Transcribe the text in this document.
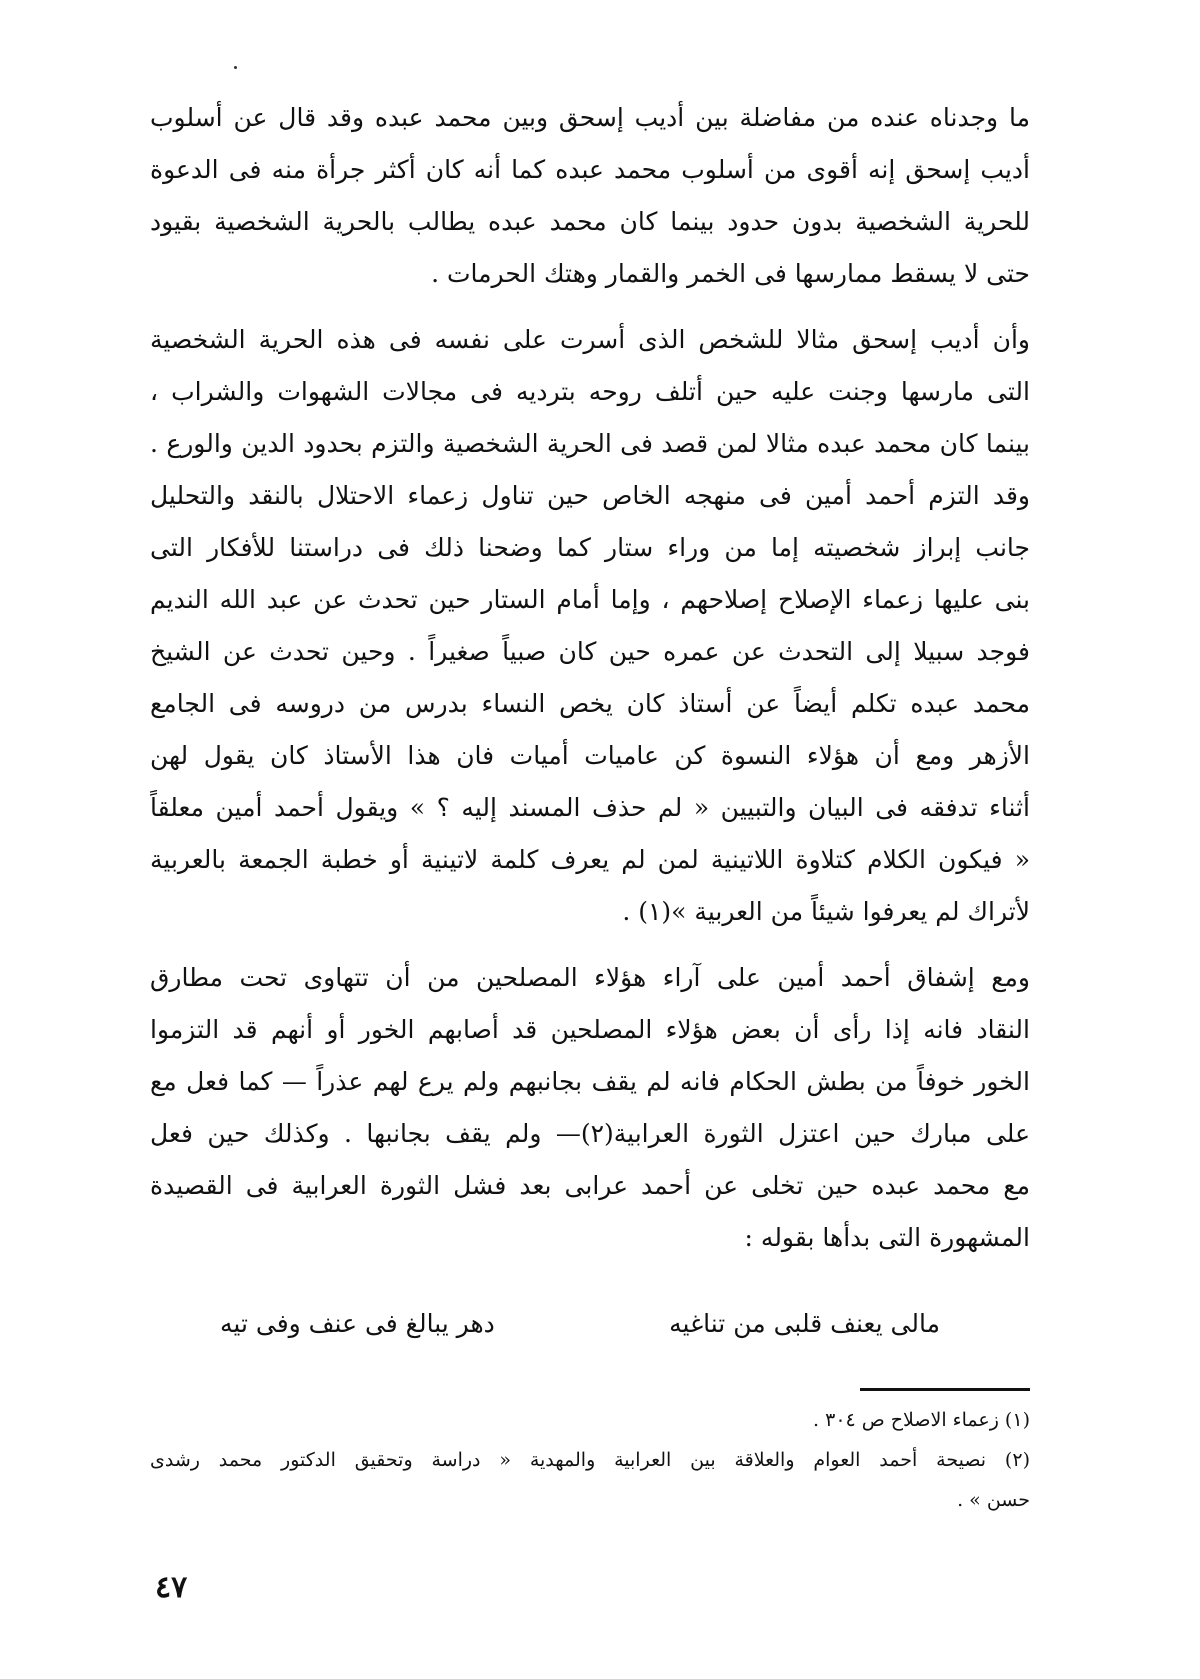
ما وجدناه عنده من مفاضلة بين أديب إسحق وبين محمد عبده وقد قال عن أسلوب
أديب إسحق إنه أقوى من أسلوب محمد عبده كما أنه كان أكثر جرأة منه فى الدعوة
للحرية الشخصية بدون حدود بينما كان محمد عبده يطالب بالحرية الشخصية بقيود
حتى لا يسقط ممارسها فى الخمر والقمار وهتك الحرمات .
وأن أديب إسحق مثالا للشخص الذى أسرت على نفسه فى هذه الحرية الشخصية
التى مارسها وجنت عليه حين أتلف روحه بترديه فى مجالات الشهوات والشراب ،
بينما كان محمد عبده مثالا لمن قصد فى الحرية الشخصية والتزم بحدود الدين والورع .
وقد التزم أحمد أمين فى منهجه الخاص حين تناول زعماء الاحتلال بالنقد والتحليل
جانب إبراز شخصيته إما من وراء ستار كما وضحنا ذلك فى دراستنا للأفكار التى
بنى عليها زعماء الإصلاح إصلاحهم ، وإما أمام الستار حين تحدث عن عبد الله النديم
فوجد سبيلا إلى التحدث عن عمره حين كان صبياً صغيراً . وحين تحدث عن الشيخ
محمد عبده تكلم أيضاً عن أستاذ كان يخص النساء بدرس من دروسه فى الجامع
الأزهر ومع أن هؤلاء النسوة كن عاميات أميات فان هذا الأستاذ كان يقول لهن
أثناء تدفقه فى البيان والتبيين « لم حذف المسند إليه ؟ » ويقول أحمد أمين معلقاً
« فيكون الكلام كتلاوة اللاتينية لمن لم يعرف كلمة لاتينية أو خطبة الجمعة بالعربية
لأتراك لم يعرفوا شيئاً من العربية »(١) .
ومع إشفاق أحمد أمين على آراء هؤلاء المصلحين من أن تتهاوى تحت مطارق
النقاد فانه إذا رأى أن بعض هؤلاء المصلحين قد أصابهم الخور أو أنهم قد التزموا
الخور خوفاً من بطش الحكام فانه لم يقف بجانبهم ولم يرع لهم عذراً — كما فعل مع
على مبارك حين اعتزل الثورة العرابية(٢)— ولم يقف بجانبها . وكذلك حين فعل
مع محمد عبده حين تخلى عن أحمد عرابى بعد فشل الثورة العرابية فى القصيدة
المشهورة التى بدأها بقوله :
مالى يعنف قلبى من تناغيه
دهر يبالغ فى عنف وفى تيه
(١) زعماء الاصلاح ص ٣٠٤ .
(٢) نصيحة أحمد العوام والعلاقة بين العرابية والمهدية « دراسة وتحقيق الدكتور محمد رشدى
حسن » .
٤٧
